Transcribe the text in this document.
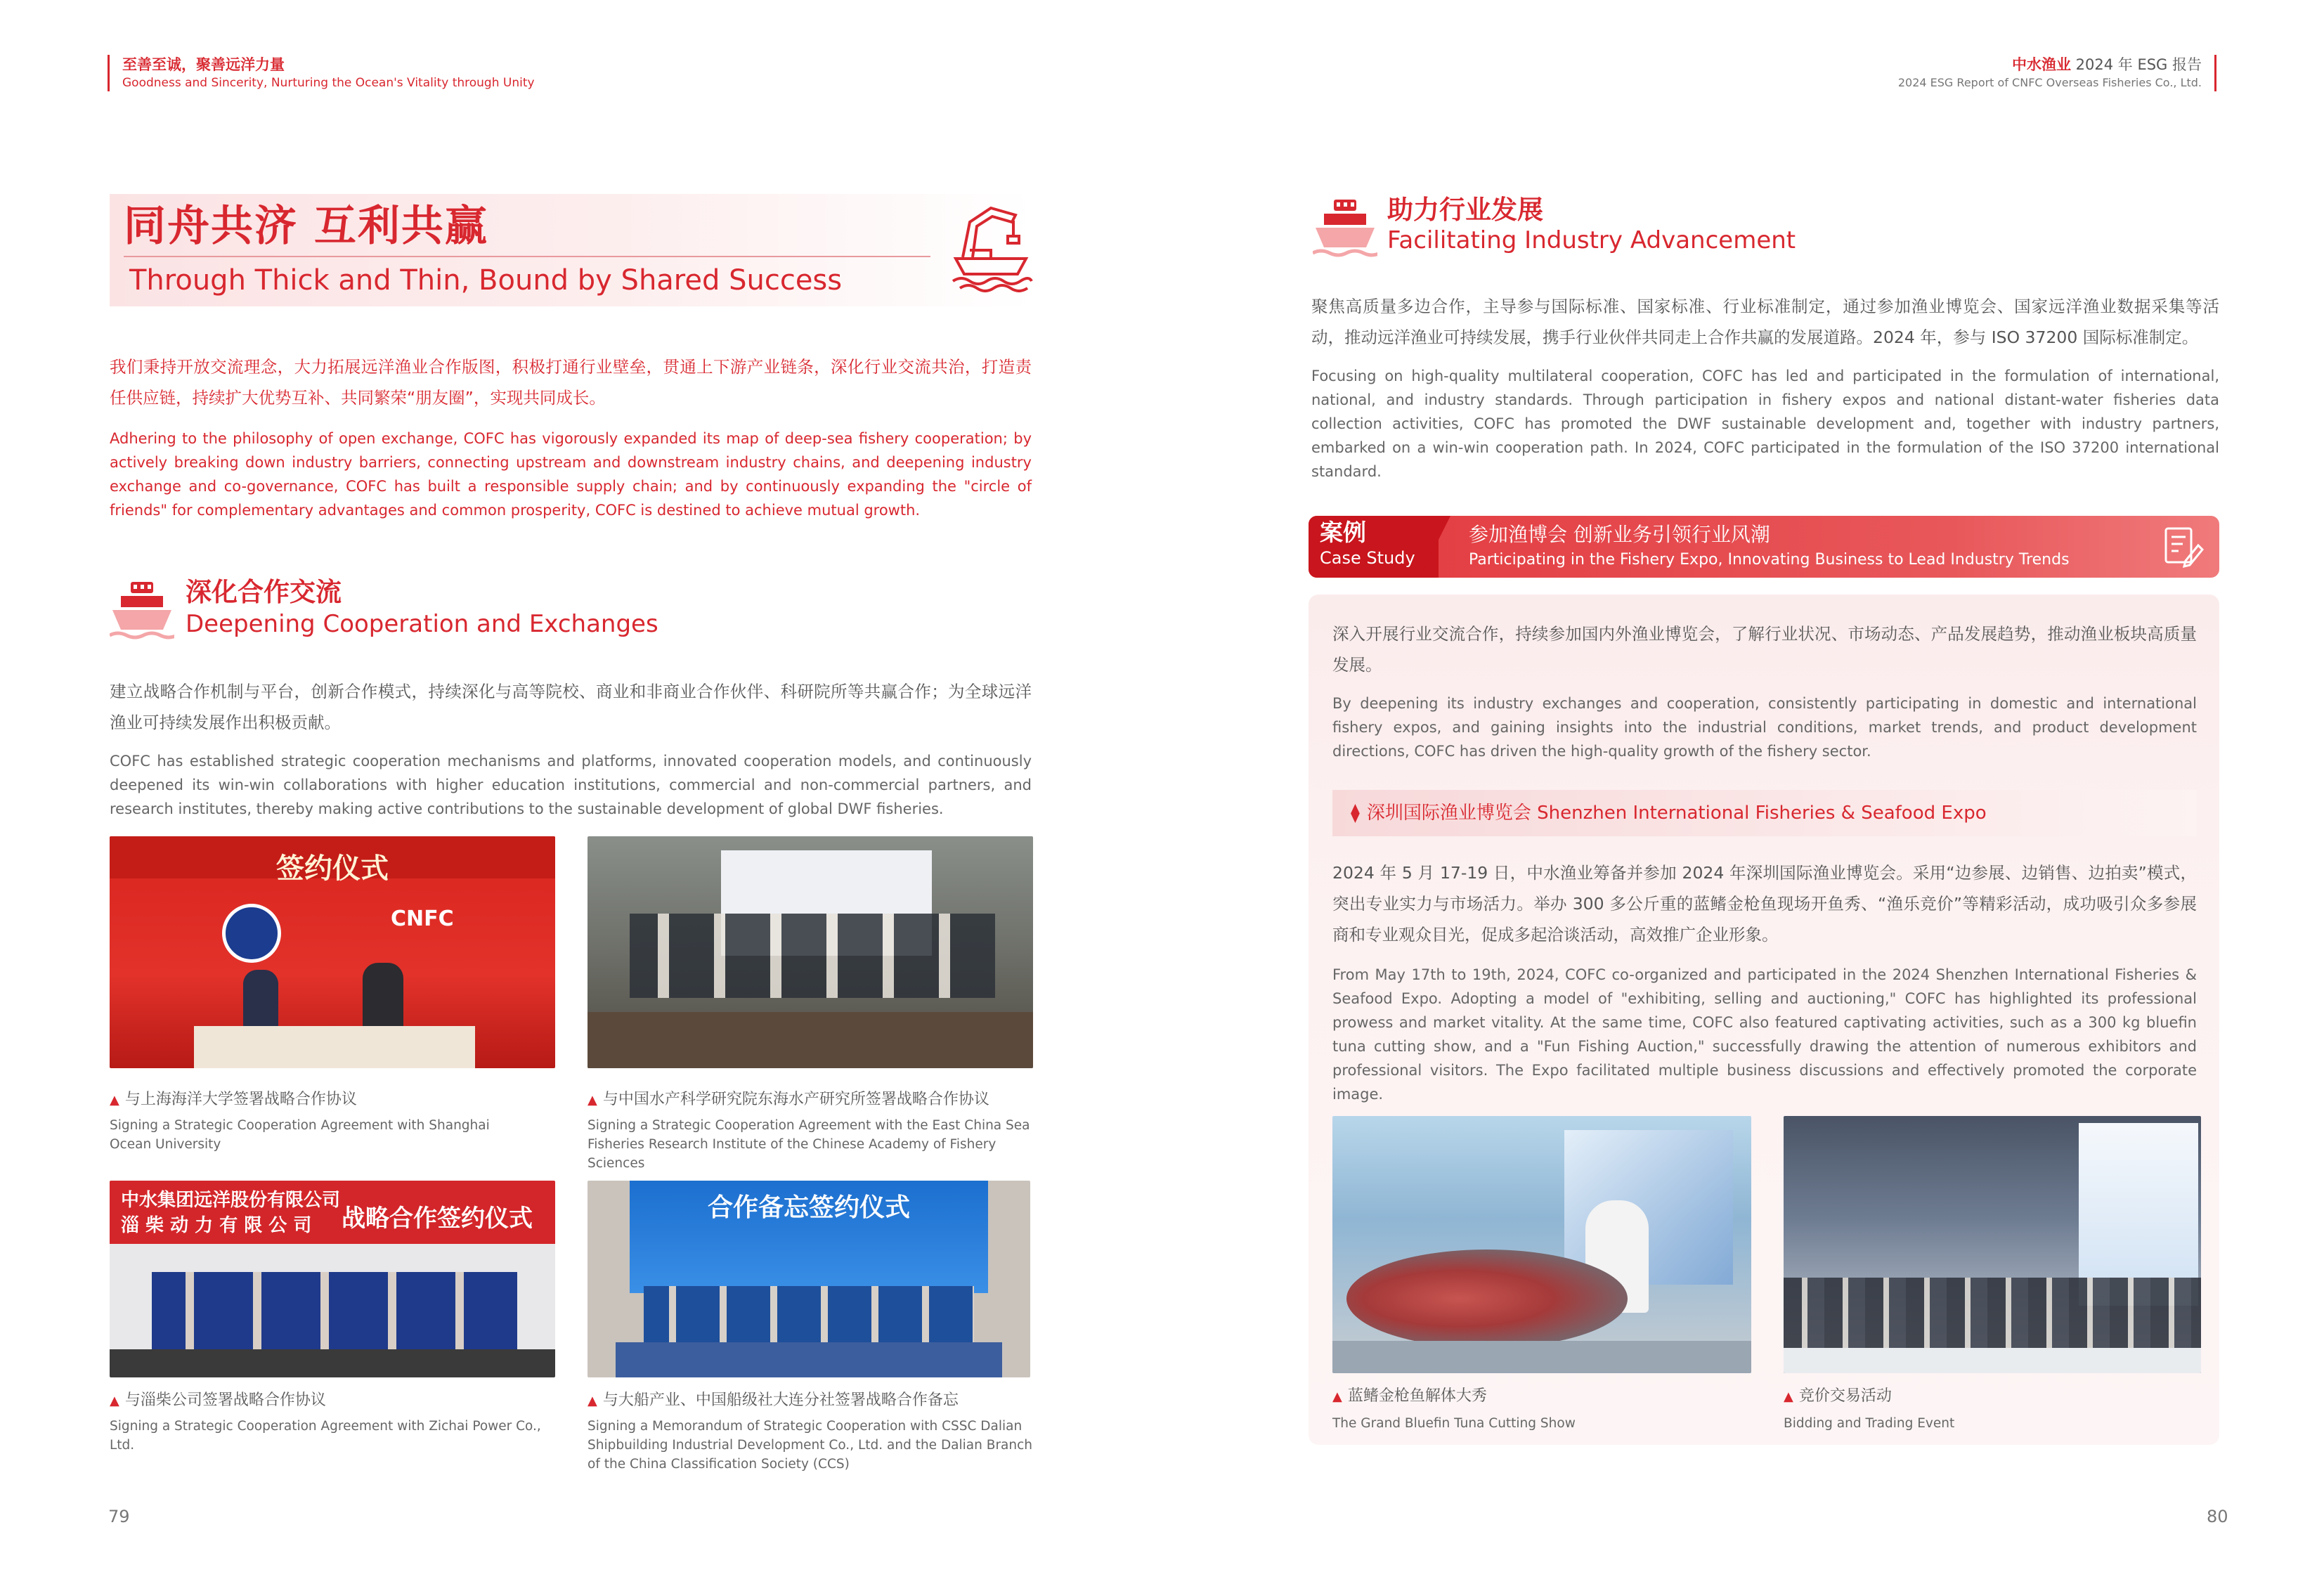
至善至诚，聚善远洋力量
Goodness and Sincerity, Nurturing the Ocean's Vitality through Unity
中水渔业 2024 年 ESG 报告
2024 ESG Report of CNFC Overseas Fisheries Co., Ltd.
同舟共济 互利共赢
Through Thick and Thin, Bound by Shared Success
我们秉持开放交流理念，大力拓展远洋渔业合作版图，积极打通行业壁垒，贯通上下游产业链条，深化行业交流共治，打造责任供应链，持续扩大优势互补、共同繁荣“朋友圈”，实现共同成长。
Adhering to the philosophy of open exchange, COFC has vigorously expanded its map of deep-sea fishery cooperation; by actively breaking down industry barriers, connecting upstream and downstream industry chains, and deepening industry exchange and co-governance, COFC has built a responsible supply chain; and by continuously expanding the "circle of friends" for complementary advantages and common prosperity, COFC is destined to achieve mutual growth.
深化合作交流
Deepening Cooperation and Exchanges
建立战略合作机制与平台，创新合作模式，持续深化与高等院校、商业和非商业合作伙伴、科研院所等共赢合作；为全球远洋渔业可持续发展作出积极贡献。
COFC has established strategic cooperation mechanisms and platforms, innovated cooperation models, and continuously deepened its win-win collaborations with higher education institutions, commercial and non-commercial partners, and research institutes, thereby making active contributions to the sustainable development of global DWF fisheries.
签约仪式
CNFC
▲ 与上海海洋大学签署战略合作协议
Signing a Strategic Cooperation Agreement with Shanghai Ocean University
▲ 与中国水产科学研究院东海水产研究所签署战略合作协议
Signing a Strategic Cooperation Agreement with the East China Sea Fisheries Research Institute of the Chinese Academy of Fishery Sciences
中水集团远洋股份有限公司
淄 柴 动 力 有 限 公 司 战略合作签约仪式
▲ 与淄柴公司签署战略合作协议
Signing a Strategic Cooperation Agreement with Zichai Power Co., Ltd.
合作备忘签约仪式
▲ 与大船产业、中国船级社大连分社签署战略合作备忘
Signing a Memorandum of Strategic Cooperation with CSSC Dalian Shipbuilding Industrial Development Co., Ltd. and the Dalian Branch of the China Classification Society (CCS)
79
助力行业发展
Facilitating Industry Advancement
聚焦高质量多边合作，主导参与国际标准、国家标准、行业标准制定，通过参加渔业博览会、国家远洋渔业数据采集等活动，推动远洋渔业可持续发展，携手行业伙伴共同走上合作共赢的发展道路。2024 年，参与 ISO 37200 国际标准制定。
Focusing on high-quality multilateral cooperation, COFC has led and participated in the formulation of international, national, and industry standards. Through participation in fishery expos and national distant-water fisheries data collection activities, COFC has promoted the DWF sustainable development and, together with industry partners, embarked on a win-win cooperation path. In 2024, COFC participated in the formulation of the ISO 37200 international standard.
案例
Case Study
参加渔博会 创新业务引领行业风潮
Participating in the Fishery Expo, Innovating Business to Lead Industry Trends
深入开展行业交流合作，持续参加国内外渔业博览会，了解行业状况、市场动态、产品发展趋势，推动渔业板块高质量发展。
By deepening its industry exchanges and cooperation, consistently participating in domestic and international fishery expos, and gaining insights into the industrial conditions, market trends, and product development directions, COFC has driven the high-quality growth of the fishery sector.
⧫ 深圳国际渔业博览会 Shenzhen International Fisheries & Seafood Expo
2024 年 5 月 17-19 日，中水渔业筹备并参加 2024 年深圳国际渔业博览会。采用“边参展、边销售、边拍卖”模式，突出专业实力与市场活力。举办 300 多公斤重的蓝鳍金枪鱼现场开鱼秀、“渔乐竞价”等精彩活动，成功吸引众多参展商和专业观众目光，促成多起洽谈活动，高效推广企业形象。
From May 17th to 19th, 2024, COFC co-organized and participated in the 2024 Shenzhen International Fisheries & Seafood Expo. Adopting a model of "exhibiting, selling and auctioning," COFC has highlighted its professional prowess and market vitality. At the same time, COFC also featured captivating activities, such as a 300 kg bluefin tuna cutting show, and a "Fun Fishing Auction," successfully drawing the attention of numerous exhibitors and professional visitors. The Expo facilitated multiple business discussions and effectively promoted the corporate image.
▲ 蓝鳍金枪鱼解体大秀
The Grand Bluefin Tuna Cutting Show
▲ 竞价交易活动
Bidding and Trading Event
80
